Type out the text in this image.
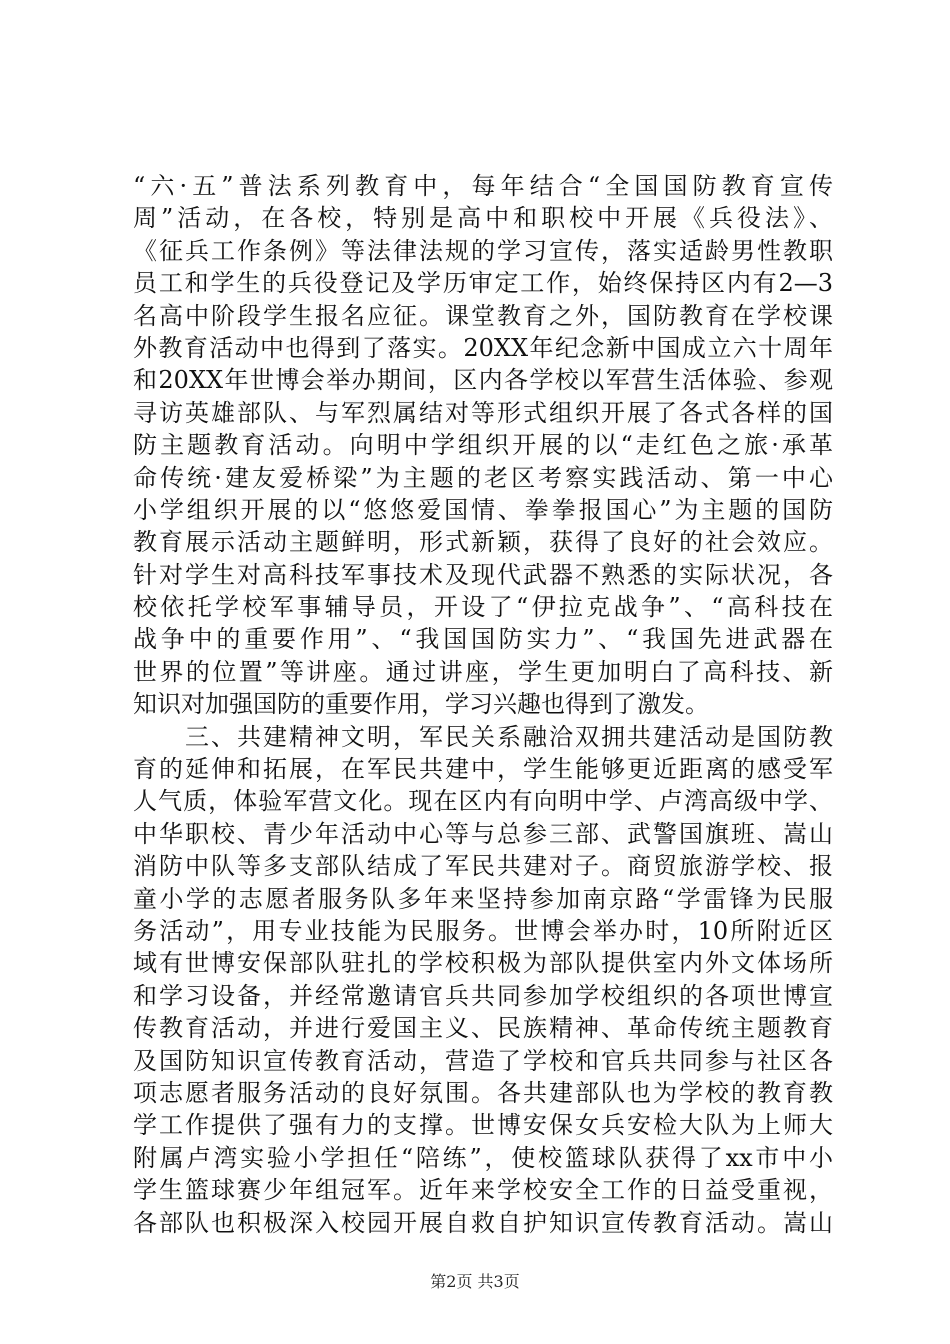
“六·五”普法系列教育中，每年结合“全国国防教育宣传
周”活动，在各校，特别是高中和职校中开展《兵役法》、
《征兵工作条例》等法律法规的学习宣传，落实适龄男性教职
员工和学生的兵役登记及学历审定工作，始终保持区内有2—3
名高中阶段学生报名应征。课堂教育之外，国防教育在学校课
外教育活动中也得到了落实。20XX年纪念新中国成立六十周年
和20XX年世博会举办期间，区内各学校以军营生活体验、参观
寻访英雄部队、与军烈属结对等形式组织开展了各式各样的国
防主题教育活动。向明中学组织开展的以“走红色之旅·承革
命传统·建友爱桥梁”为主题的老区考察实践活动、第一中心
小学组织开展的以“悠悠爱国情、拳拳报国心”为主题的国防
教育展示活动主题鲜明，形式新颖，获得了良好的社会效应。
针对学生对高科技军事技术及现代武器不熟悉的实际状况，各
校依托学校军事辅导员，开设了“伊拉克战争”、“高科技在
战争中的重要作用”、“我国国防实力”、“我国先进武器在
世界的位置”等讲座。通过讲座，学生更加明白了高科技、新
知识对加强国防的重要作用，学习兴趣也得到了激发。
　　三、共建精神文明，军民关系融洽双拥共建活动是国防教
育的延伸和拓展，在军民共建中，学生能够更近距离的感受军
人气质，体验军营文化。现在区内有向明中学、卢湾高级中学、
中华职校、青少年活动中心等与总参三部、武警国旗班、嵩山
消防中队等多支部队结成了军民共建对子。商贸旅游学校、报
童小学的志愿者服务队多年来坚持参加南京路“学雷锋为民服
务活动”，用专业技能为民服务。世博会举办时，10所附近区
域有世博安保部队驻扎的学校积极为部队提供室内外文体场所
和学习设备，并经常邀请官兵共同参加学校组织的各项世博宣
传教育活动，并进行爱国主义、民族精神、革命传统主题教育
及国防知识宣传教育活动，营造了学校和官兵共同参与社区各
项志愿者服务活动的良好氛围。各共建部队也为学校的教育教
学工作提供了强有力的支撑。世博安保女兵安检大队为上师大
附属卢湾实验小学担任“陪练”，使校篮球队获得了xx市中小
学生篮球赛少年组冠军。近年来学校安全工作的日益受重视，
各部队也积极深入校园开展自救自护知识宣传教育活动。嵩山
第2页 共3页
